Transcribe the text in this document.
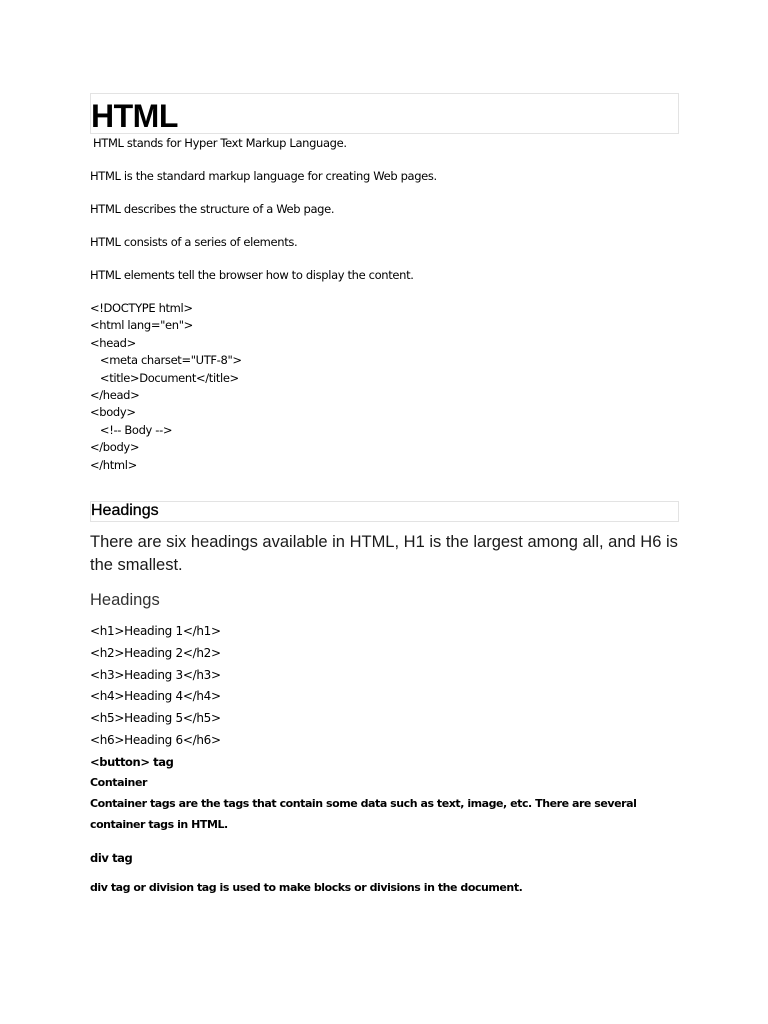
HTML

HTML stands for Hyper Text Markup Language.

HTML is the standard markup language for creating Web pages.

HTML describes the structure of a Web page.

HTML consists of a series of elements.

HTML elements tell the browser how to display the content.

<!DOCTYPE html>

<html lang="en">

<head>

<meta charset="UTF-8">

<title>Document</title>

</head>

<body>

<!-- Body -->

</body>

</html>

Headings

There are six headings available in HTML, H1 is the largest among all, and H6 is the smallest.

Headings

<h1>Heading 1</h1>
<h2>Heading 2</h2>
<h3>Heading 3</h3>
<h4>Heading 4</h4>
<h5>Heading 5</h5>
<h6>Heading 6</h6>

<button> tag

Container

Container tags are the tags that contain some data such as text, image, etc. There are several container tags in HTML.

div tag

div tag or division tag is used to make blocks or divisions in the document.
